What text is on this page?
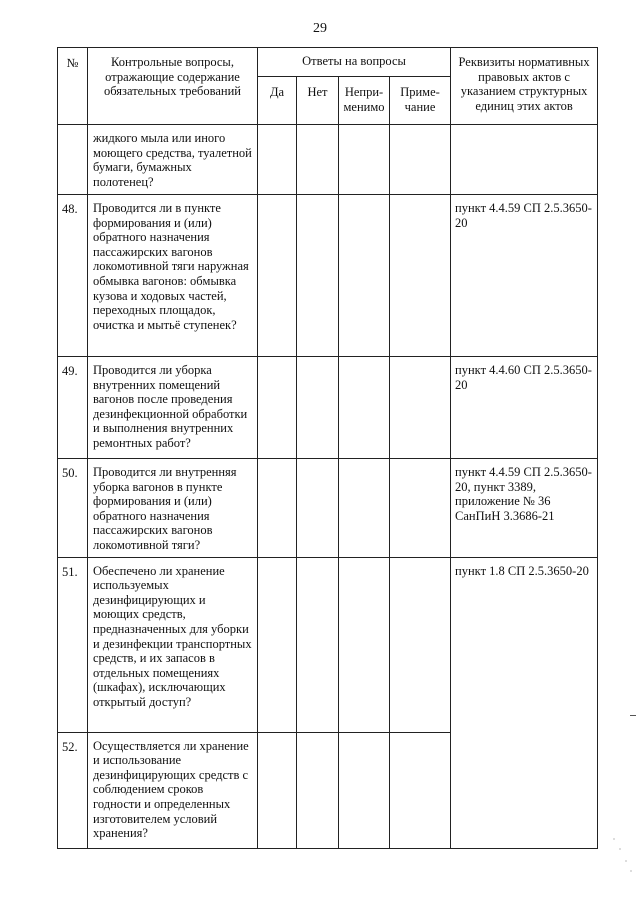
29
№	Контрольные вопросы, отражающие содержание обязательных требований	Ответы на вопросы				Реквизиты нормативных правовых актов с указанием структурных единиц этих актов
		Да	Нет	Непри-менимо	Приме-чание	
	жидкого мыла или иного моющего средства, туалетной бумаги, бумажных полотенец?					
48.	Проводится ли в пункте формирования и (или) обратного назначения пассажирских вагонов локомотивной тяги наружная обмывка вагонов: обмывка кузова и ходовых частей, переходных площадок, очистка и мытьё ступенек?					пункт 4.4.59 СП 2.5.3650-20
49.	Проводится ли уборка внутренних помещений вагонов после проведения дезинфекционной обработки и выполнения внутренних ремонтных работ?					пункт 4.4.60 СП 2.5.3650-20
50.	Проводится ли внутренняя уборка вагонов в пункте формирования и (или) обратного назначения пассажирских вагонов локомотивной тяги?					пункт 4.4.59 СП 2.5.3650-20, пункт 3389, приложение № 36 СанПиН 3.3686-21
51.	Обеспечено ли хранение используемых дезинфицирующих и моющих средств, предназначенных для уборки и дезинфекции транспортных средств, и их запасов в отдельных помещениях (шкафах), исключающих открытый доступ?					пункт 1.8 СП 2.5.3650-20
52.	Осуществляется ли хранение и использование дезинфицирующих средств с соблюдением сроков годности и определенных изготовителем условий хранения?					
